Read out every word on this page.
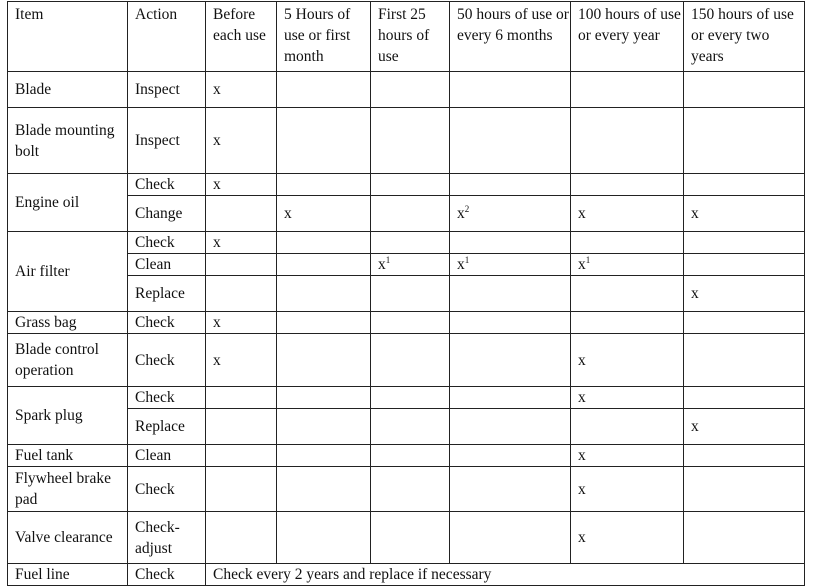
Item	Action	Before each use	5 Hours of use or first month	First 25 hours of use	50 hours of use or every 6 months	100 hours of use or every year	150 hours of use or every two years
Blade	Inspect	x					
Blade mounting bolt	Inspect	x					
Engine oil	Check	x					
	Change		x		$x^2$	x	x
Air filter	Check	x					
	Clean			$x^1$	$x^1$	$x^1$	
	Replace						x
Grass bag	Check	x					
Blade control operation	Check	x				x	
Spark plug	Check					x	
	Replace						x
Fuel tank	Clean					x	
Flywheel brake pad	Check					x	
Valve clearance	Check-adjust					x	
Fuel line	Check	Check every 2 years and replace if necessary					
